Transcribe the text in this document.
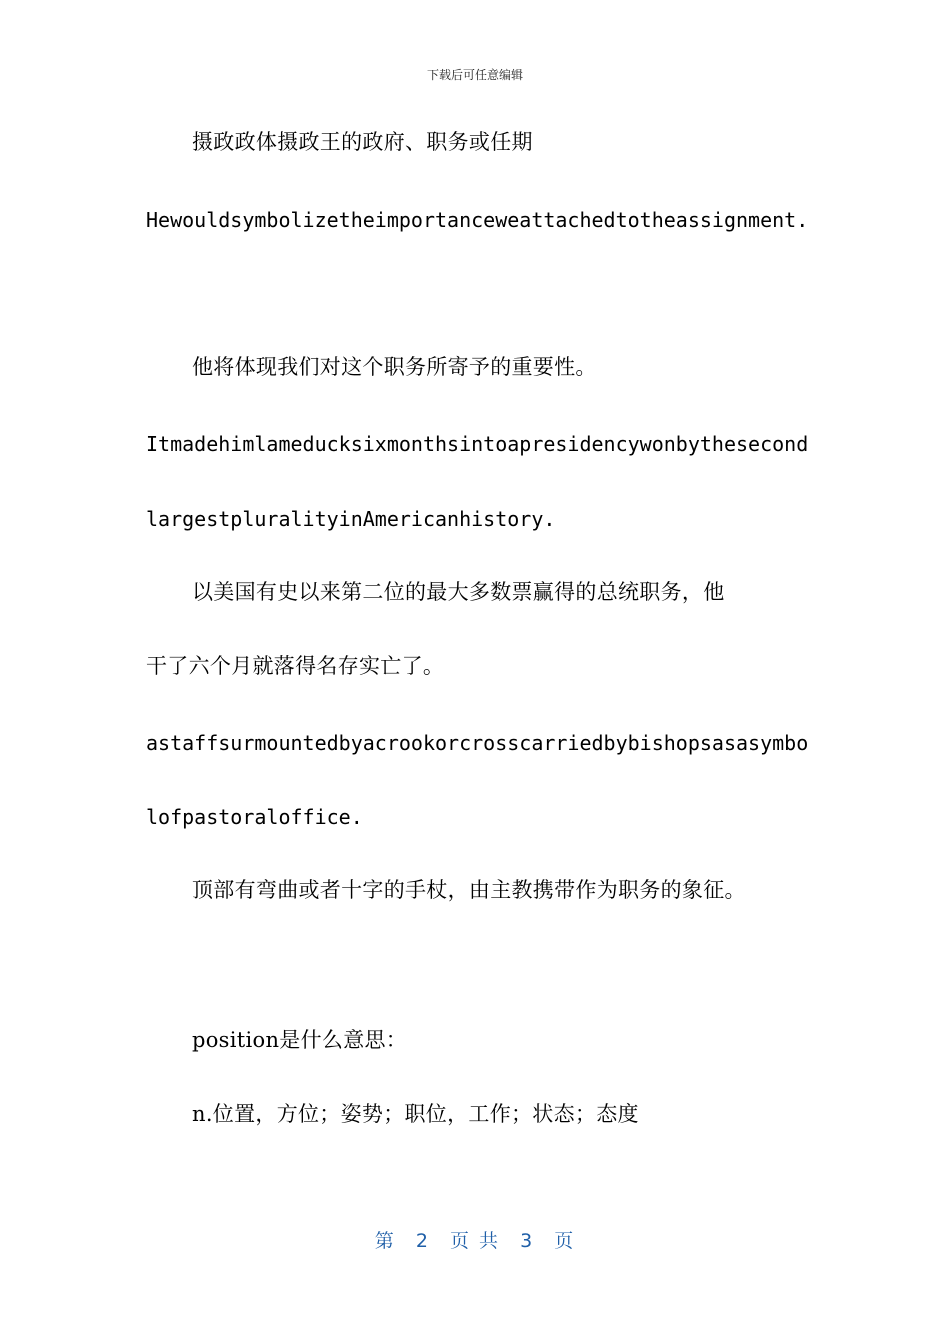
下载后可任意编辑
摄政政体摄政王的政府、职务或任期
Hewouldsymbolizetheimportanceweattachedtotheassignment.
他将体现我们对这个职务所寄予的重要性。
Itmadehimlameducksixmonthsintoapresidencywonbythesecond
largestpluralityinAmericanhistory.
以美国有史以来第二位的最大多数票赢得的总统职务，他
干了六个月就落得名存实亡了。
astaffsurmountedbyacrookorcrosscarriedbybishopsasasymbo
lofpastoraloffice.
顶部有弯曲或者十字的手杖，由主教携带作为职务的象征。
position是什么意思：
n.位置，方位；姿势；职位，工作；状态；态度
第 2 页 共 3 页
